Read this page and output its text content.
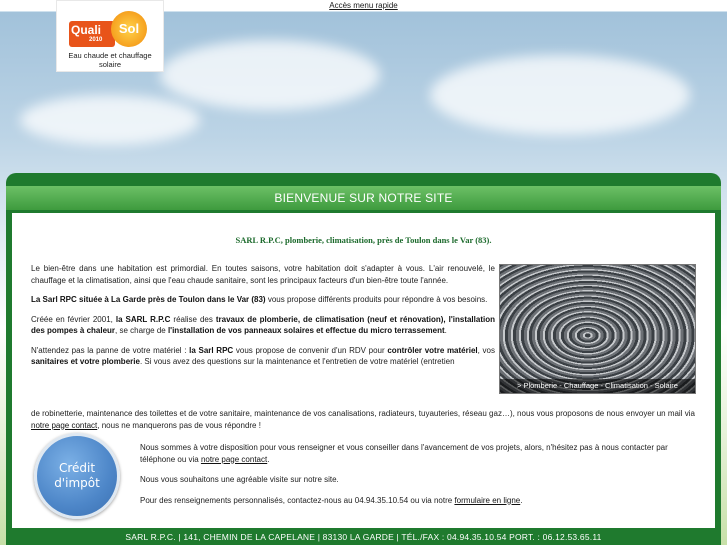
Accès menu rapide
Quali
2010
Sol
Eau chaude et chauffage solaire
BIENVENUE SUR NOTRE SITE
SARL R.P.C, plomberie, climatisation, près de Toulon dans le Var (83).

Le bien-être dans une habitation est primordial. En toutes saisons, votre habitation doit s'adapter à vous. L'air renouvelé, le chauffage et la climatisation, ainsi que l'eau chaude sanitaire, sont les principaux facteurs d'un bien-être toute l'année.

La Sarl RPC située à La Garde près de Toulon dans le Var (83) vous propose différents produits pour répondre à vos besoins.

Créée en février 2001, la SARL R.P.C réalise des travaux de plomberie, de climatisation (neuf et rénovation), l'installation des pompes à chaleur, se charge de l'installation de vos panneaux solaires et effectue du micro terrassement.

N'attendez pas la panne de votre matériel : la Sarl RPC vous propose de convenir d'un RDV pour contrôler votre matériel, vos sanitaires et votre plomberie. Si vous avez des questions sur la maintenance et l'entretien de votre matériel (entretien

de robinetterie, maintenance des toilettes et de votre sanitaire, maintenance de vos canalisations, radiateurs, tuyauteries, réseau gaz…), nous vous proposons de nous envoyer un mail via notre page contact, nous ne manquerons pas de vous répondre !
> Plomberie - Chauffage - Climatisation - Solaire
Crédit
d'impôt

Nous sommes à votre disposition pour vous renseigner et vous conseiller dans l'avancement de vos projets, alors, n'hésitez pas à nous contacter par téléphone ou via notre page contact.

Nous vous souhaitons une agréable visite sur notre site.

Pour des renseignements personnalisés, contactez-nous au 04.94.35.10.54 ou via notre formulaire en ligne.

SARL R.P.C. | 141, CHEMIN DE LA CAPELANE | 83130 LA GARDE | TÉL./FAX : 04.94.35.10.54 PORT. : 06.12.53.65.11
